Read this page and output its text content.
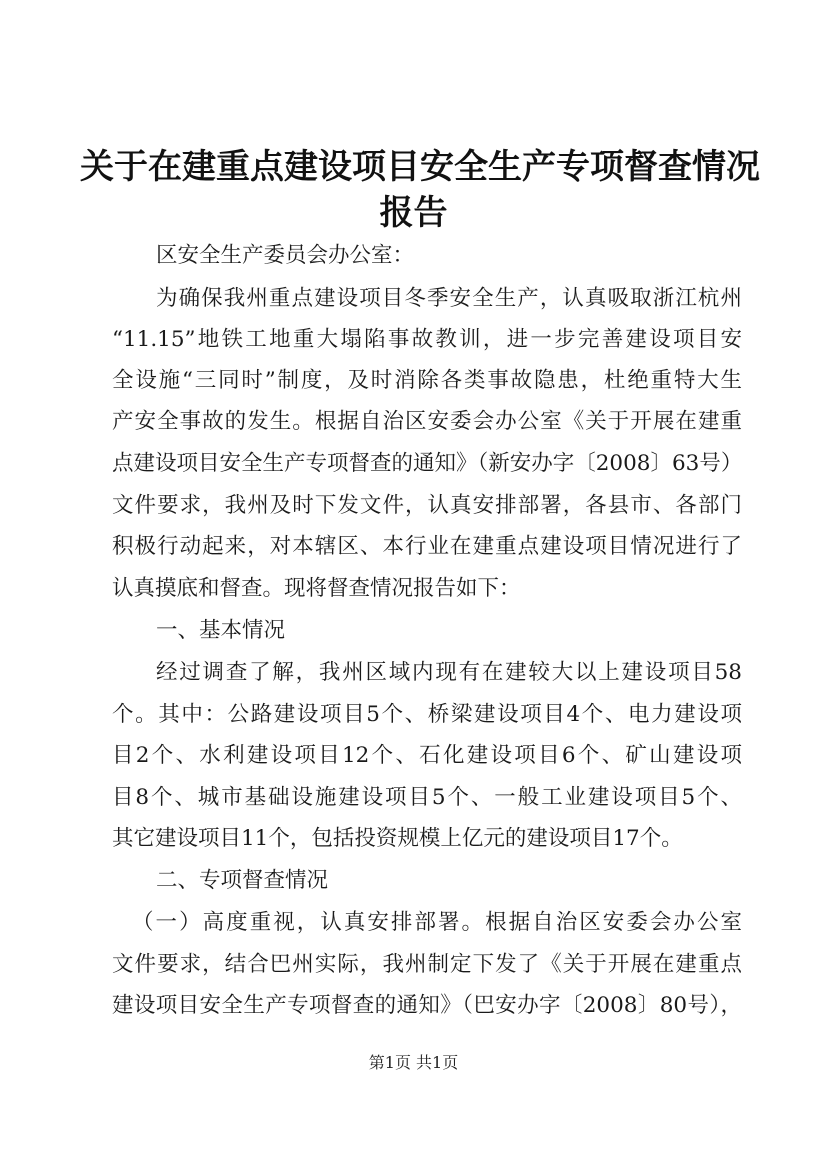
关于在建重点建设项目安全生产专项督查情况
报告
区安全生产委员会办公室：
为确保我州重点建设项目冬季安全生产，认真吸取浙江杭州
“11.15”地铁工地重大塌陷事故教训，进一步完善建设项目安
全设施“三同时”制度，及时消除各类事故隐患，杜绝重特大生
产安全事故的发生。根据自治区安委会办公室《关于开展在建重
点建设项目安全生产专项督查的通知》（新安办字〔2008〕63号）
文件要求，我州及时下发文件，认真安排部署，各县市、各部门
积极行动起来，对本辖区、本行业在建重点建设项目情况进行了
认真摸底和督查。现将督查情况报告如下：
一、基本情况
经过调查了解，我州区域内现有在建较大以上建设项目58
个。其中：公路建设项目5个、桥梁建设项目4个、电力建设项
目2个、水利建设项目12个、石化建设项目6个、矿山建设项
目8个、城市基础设施建设项目5个、一般工业建设项目5个、
其它建设项目11个，包括投资规模上亿元的建设项目17个。
二、专项督查情况
（一）高度重视，认真安排部署。根据自治区安委会办公室
文件要求，结合巴州实际，我州制定下发了《关于开展在建重点
建设项目安全生产专项督查的通知》（巴安办字〔2008〕80号），
第1页 共1页
